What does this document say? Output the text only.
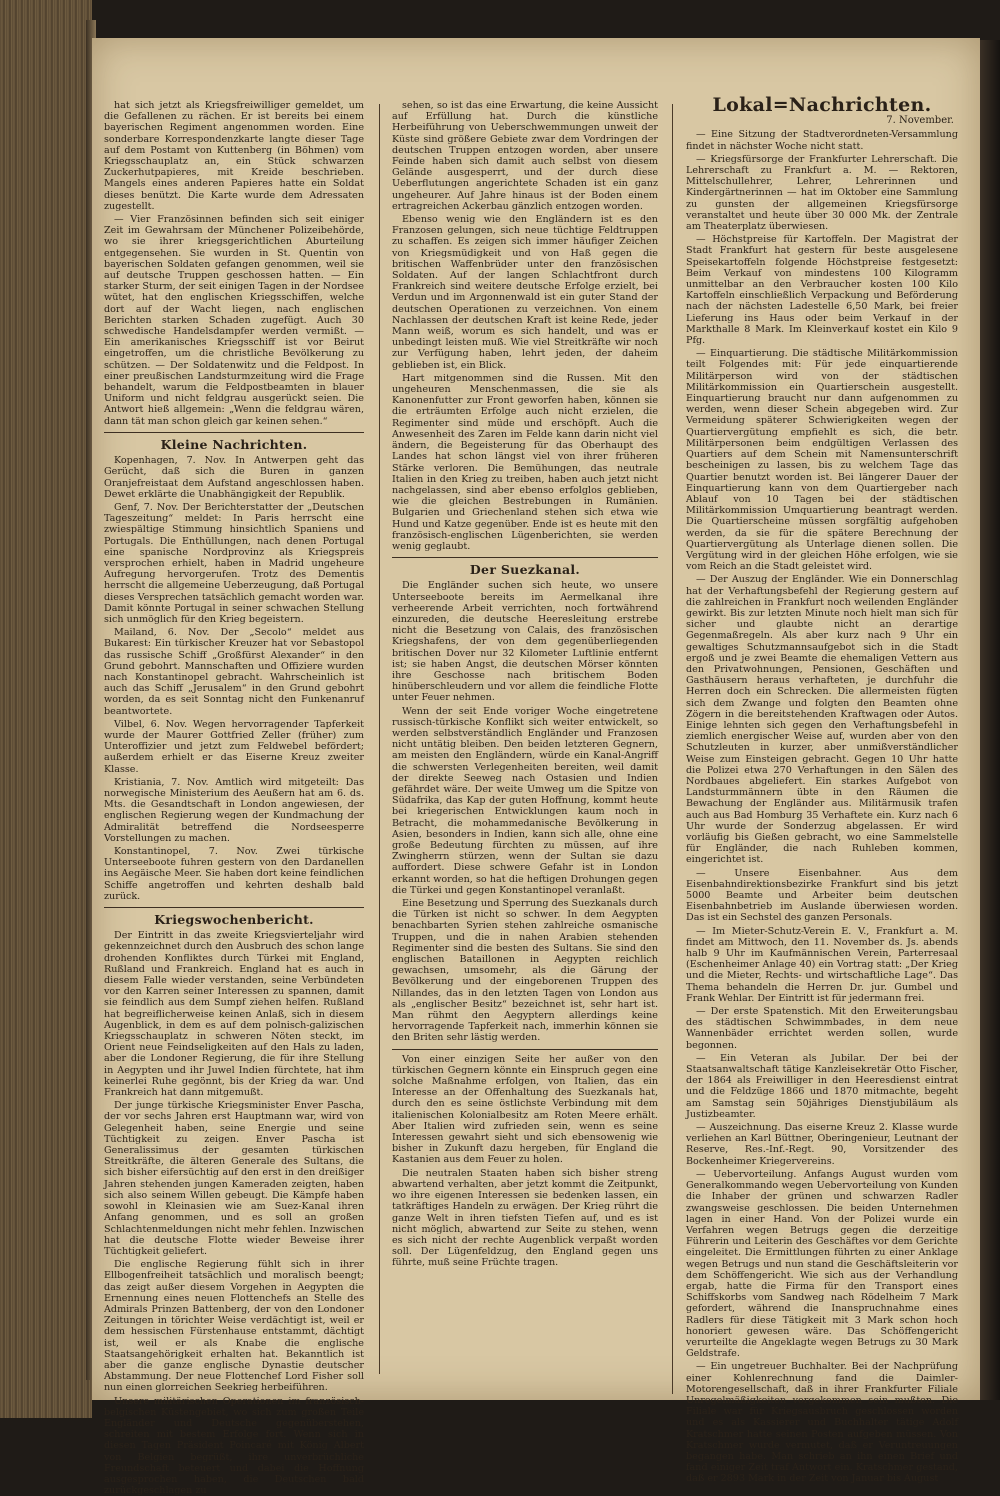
hat sich jetzt als Kriegsfreiwilliger gemeldet, um die Gefallenen zu rächen. Er ist bereits bei einem bayerischen Regiment angenommen worden. Eine sonderbare Korrespondenzkarte langte dieser Tage auf dem Postamt von Kuttenberg (in Böhmen) vom Kriegsschauplatz an, ein Stück schwarzen Zuckerhutpapieres, mit Kreide beschrieben. Mangels eines anderen Papieres hatte ein Soldat dieses benützt. Die Karte wurde dem Adressaten zugestellt.

— Vier Französinnen befinden sich seit einiger Zeit im Gewahrsam der Münchener Polizeibehörde, wo sie ihrer kriegsgerichtlichen Aburteilung entgegensehen. Sie wurden in St. Quentin von bayerischen Soldaten gefangen genommen, weil sie auf deutsche Truppen geschossen hatten. — Ein starker Sturm, der seit einigen Tagen in der Nordsee wütet, hat den englischen Kriegsschiffen, welche dort auf der Wacht liegen, nach englischen Berichten starken Schaden zugefügt. Auch 30 schwedische Handelsdampfer werden vermißt. — Ein amerikanisches Kriegsschiff ist vor Beirut eingetroffen, um die christliche Bevölkerung zu schützen. — Der Soldatenwitz und die Feldpost. In einer preußischen Landsturmzeitung wird die Frage behandelt, warum die Feldpostbeamten in blauer Uniform und nicht feldgrau ausgerückt seien. Die Antwort hieß allgemein: „Wenn die feldgrau wären, dann tät man schon gleich gar keinen sehen.“

Kleine Nachrichten.

Kopenhagen, 7. Nov. In Antwerpen geht das Gerücht, daß sich die Buren in ganzen Oranjefreistaat dem Aufstand angeschlossen haben. Dewet erklärte die Unabhängigkeit der Republik.

Genf, 7. Nov. Der Berichterstatter der „Deutschen Tageszeitung“ meldet: In Paris herrscht eine zwiespältige Stimmung hinsichtlich Spaniens und Portugals. Die Enthüllungen, nach denen Portugal eine spanische Nordprovinz als Kriegspreis versprochen erhielt, haben in Madrid ungeheure Aufregung hervorgerufen. Trotz des Dementis herrscht die allgemeine Ueberzeugung, daß Portugal dieses Versprechen tatsächlich gemacht worden war. Damit könnte Portugal in seiner schwachen Stellung sich unmöglich für den Krieg begeistern.

Mailand, 6. Nov. Der „Secolo“ meldet aus Bukarest: Ein türkischer Kreuzer hat vor Sebastopol das russische Schiff „Großfürst Alexander“ in den Grund gebohrt. Mannschaften und Offiziere wurden nach Konstantinopel gebracht. Wahrscheinlich ist auch das Schiff „Jerusalem“ in den Grund gebohrt worden, da es seit Sonntag nicht den Funkenanruf beantwortete.

Vilbel, 6. Nov. Wegen hervorragender Tapferkeit wurde der Maurer Gottfried Zeller (früher) zum Unteroffizier und jetzt zum Feldwebel befördert; außerdem erhielt er das Eiserne Kreuz zweiter Klasse.

Kristiania, 7. Nov. Amtlich wird mitgeteilt: Das norwegische Ministerium des Aeußern hat am 6. ds. Mts. die Gesandtschaft in London angewiesen, der englischen Regierung wegen der Kundmachung der Admiralität betreffend die Nordseesperre Vorstellungen zu machen.

Konstantinopel, 7. Nov. Zwei türkische Unterseeboote fuhren gestern von den Dardanellen ins Aegäische Meer. Sie haben dort keine feindlichen Schiffe angetroffen und kehrten deshalb bald zurück.

Kriegswochenbericht.

Der Eintritt in das zweite Kriegsvierteljahr wird gekennzeichnet durch den Ausbruch des schon lange drohenden Konfliktes durch Türkei mit England, Rußland und Frankreich. England hat es auch in diesem Falle wieder verstanden, seine Verbündeten vor den Karren seiner Interessen zu spannen, damit sie feindlich aus dem Sumpf ziehen helfen. Rußland hat begreiflicherweise keinen Anlaß, sich in diesem Augenblick, in dem es auf dem polnisch-galizischen Kriegsschauplatz in schweren Nöten steckt, im Orient neue Feindseligkeiten auf den Hals zu laden, aber die Londoner Regierung, die für ihre Stellung in Aegypten und ihr Juwel Indien fürchtete, hat ihm keinerlei Ruhe gegönnt, bis der Krieg da war. Und Frankreich hat dann mitgemußt.

Der junge türkische Kriegsminister Enver Pascha, der vor sechs Jahren erst Hauptmann war, wird von Gelegenheit haben, seine Energie und seine Tüchtigkeit zu zeigen. Enver Pascha ist Generalissimus der gesamten türkischen Streitkräfte, die älteren Generale des Sultans, die sich bisher eifersüchtig auf den erst in den dreißiger Jahren stehenden jungen Kameraden zeigten, haben sich also seinem Willen gebeugt. Die Kämpfe haben sowohl in Kleinasien wie am Suez-Kanal ihren Anfang genommen, und es soll an großen Schlachtenmeldungen nicht mehr fehlen. Inzwischen hat die deutsche Flotte wieder Beweise ihrer Tüchtigkeit geliefert.

Die englische Regierung fühlt sich in ihrer Ellbogenfreiheit tatsächlich und moralisch beengt; das zeigt außer diesem Vorgehen in Aegypten die Ernennung eines neuen Flottenchefs an Stelle des Admirals Prinzen Battenberg, der von den Londoner Zeitungen in törichter Weise verdächtigt ist, weil er dem hessischen Fürstenhause entstammt, dächtigt ist, weil er als Knabe die englische Staatsangehörigkeit erhalten hat. Bekanntlich ist aber die ganze englische Dynastie deutscher Abstammung. Der neue Flottenchef Lord Fisher soll nun einen glorreichen Seekrieg herbeiführen.

Unsere militärischen Operationen im französisch-belgischen Küstengebiet, wo sich zum großen Teile Engländer und Deutsche gegenüberstehen, schreiten mit bestem Erfolge fort. Wenn sich in diesen Tagen Präsident Poincaré mit König Albert von Belgien begrüßt, ihre unverbrüchliche Freundschaft beteuert und dabei die Hoffnung ausgesprochen haben, die Deutschen bald zurückgeschlagen zu

sehen, so ist das eine Erwartung, die keine Aussicht auf Erfüllung hat. Durch die künstliche Herbeiführung von Ueberschwemmungen unweit der Küste sind größere Gebiete zwar dem Vordringen der deutschen Truppen entzogen worden, aber unsere Feinde haben sich damit auch selbst von diesem Gelände ausgesperrt, und der durch diese Ueberflutungen angerichtete Schaden ist ein ganz ungeheurer. Auf Jahre hinaus ist der Boden einem ertragreichen Ackerbau gänzlich entzogen worden.

Ebenso wenig wie den Engländern ist es den Franzosen gelungen, sich neue tüchtige Feldtruppen zu schaffen. Es zeigen sich immer häufiger Zeichen von Kriegsmüdigkeit und von Haß gegen die britischen Waffenbrüder unter den französischen Soldaten. Auf der langen Schlachtfront durch Frankreich sind weitere deutsche Erfolge erzielt, bei Verdun und im Argonnenwald ist ein guter Stand der deutschen Operationen zu verzeichnen. Von einem Nachlassen der deutschen Kraft ist keine Rede, jeder Mann weiß, worum es sich handelt, und was er unbedingt leisten muß. Wie viel Streitkräfte wir noch zur Verfügung haben, lehrt jeden, der daheim geblieben ist, ein Blick.

Hart mitgenommen sind die Russen. Mit den ungeheuren Menschenmassen, die sie als Kanonenfutter zur Front geworfen haben, können sie die erträumten Erfolge auch nicht erzielen, die Regimenter sind müde und erschöpft. Auch die Anwesenheit des Zaren im Felde kann darin nicht viel ändern, die Begeisterung für das Oberhaupt des Landes hat schon längst viel von ihrer früheren Stärke verloren. Die Bemühungen, das neutrale Italien in den Krieg zu treiben, haben auch jetzt nicht nachgelassen, sind aber ebenso erfolglos geblieben, wie die gleichen Bestrebungen in Rumänien. Bulgarien und Griechenland stehen sich etwa wie Hund und Katze gegenüber. Ende ist es heute mit den französisch-englischen Lügenberichten, sie werden wenig geglaubt.

Der Suezkanal.

Die Engländer suchen sich heute, wo unsere Unterseeboote bereits im Aermelkanal ihre verheerende Arbeit verrichten, noch fortwährend einzureden, die deutsche Heeresleitung erstrebe nicht die Besetzung von Calais, des französischen Kriegshafens, der von dem gegenüberliegenden britischen Dover nur 32 Kilometer Luftlinie entfernt ist; sie haben Angst, die deutschen Mörser könnten ihre Geschosse nach britischem Boden hinüberschleudern und vor allem die feindliche Flotte unter Feuer nehmen.

Wenn der seit Ende voriger Woche eingetretene russisch-türkische Konflikt sich weiter entwickelt, so werden selbstverständlich Engländer und Franzosen nicht untätig bleiben. Den beiden letzteren Gegnern, am meisten den Engländern, würde ein Kanal-Angriff die schwersten Verlegenheiten bereiten, weil damit der direkte Seeweg nach Ostasien und Indien gefährdet wäre. Der weite Umweg um die Spitze von Südafrika, das Kap der guten Hoffnung, kommt heute bei kriegerischen Entwicklungen kaum noch in Betracht, die mohammedanische Bevölkerung in Asien, besonders in Indien, kann sich alle, ohne eine große Bedeutung fürchten zu müssen, auf ihre Zwingherrn stürzen, wenn der Sultan sie dazu auffordert. Diese schwere Gefahr ist in London erkannt worden, so hat die heftigen Drohungen gegen die Türkei und gegen Konstantinopel veranlaßt.

Eine Besetzung und Sperrung des Suezkanals durch die Türken ist nicht so schwer. In dem Aegypten benachbarten Syrien stehen zahlreiche osmanische Truppen, und die in nahen Arabien stehenden Regimenter sind die besten des Sultans. Sie sind den englischen Bataillonen in Aegypten reichlich gewachsen, umsomehr, als die Gärung der Bevölkerung und der eingeborenen Truppen des Nillandes, das in den letzten Tagen von London aus als „englischer Besitz“ bezeichnet ist, sehr hart ist. Man rühmt den Aegyptern allerdings keine hervorragende Tapferkeit nach, immerhin können sie den Briten sehr lästig werden.

Von einer einzigen Seite her außer von den türkischen Gegnern könnte ein Einspruch gegen eine solche Maßnahme erfolgen, von Italien, das ein Interesse an der Offenhaltung des Suezkanals hat, durch den es seine östlichste Verbindung mit dem italienischen Kolonialbesitz am Roten Meere erhält. Aber Italien wird zufrieden sein, wenn es seine Interessen gewahrt sieht und sich ebensowenig wie bisher in Zukunft dazu hergeben, für England die Kastanien aus dem Feuer zu holen.

Die neutralen Staaten haben sich bisher streng abwartend verhalten, aber jetzt kommt die Zeitpunkt, wo ihre eigenen Interessen sie bedenken lassen, ein tatkräftiges Handeln zu erwägen. Der Krieg rührt die ganze Welt in ihren tiefsten Tiefen auf, und es ist nicht möglich, abwartend zur Seite zu stehen, wenn es sich nicht der rechte Augenblick verpaßt worden soll. Der Lügenfeldzug, den England gegen uns führte, muß seine Früchte tragen.

Lokal=Nachrichten.
7. November.

— Eine Sitzung der Stadtverordneten-Versammlung findet in nächster Woche nicht statt.

— Kriegsfürsorge der Frankfurter Lehrerschaft. Die Lehrerschaft zu Frankfurt a. M. — Rektoren, Mittelschullehrer, Lehrer, Lehrerinnen und Kindergärtnerinnen — hat im Oktober eine Sammlung zu gunsten der allgemeinen Kriegsfürsorge veranstaltet und heute über 30 000 Mk. der Zentrale am Theaterplatz überwiesen.

— Höchstpreise für Kartoffeln. Der Magistrat der Stadt Frankfurt hat gestern für beste ausgelesene Speisekartoffeln folgende Höchstpreise festgesetzt: Beim Verkauf von mindestens 100 Kilogramm unmittelbar an den Verbraucher kosten 100 Kilo Kartoffeln einschließlich Verpackung und Beförderung nach der nächsten Ladestelle 6,50 Mark, bei freier Lieferung ins Haus oder beim Verkauf in der Markthalle 8 Mark. Im Kleinverkauf kostet ein Kilo 9 Pfg.

— Einquartierung. Die städtische Militärkommission teilt Folgendes mit: Für jede einquartierende Militärperson wird von der städtischen Militärkommission ein Quartierschein ausgestellt. Einquartierung braucht nur dann aufgenommen zu werden, wenn dieser Schein abgegeben wird. Zur Vermeidung späterer Schwierigkeiten wegen der Quartiervergütung empfiehlt es sich, die betr. Militärpersonen beim endgültigen Verlassen des Quartiers auf dem Schein mit Namensunterschrift bescheinigen zu lassen, bis zu welchem Tage das Quartier benutzt worden ist. Bei längerer Dauer der Einquartierung kann von dem Quartiergeber nach Ablauf von 10 Tagen bei der städtischen Militärkommission Umquartierung beantragt werden. Die Quartierscheine müssen sorgfältig aufgehoben werden, da sie für die spätere Berechnung der Quartiervergütung als Unterlage dienen sollen. Die Vergütung wird in der gleichen Höhe erfolgen, wie sie vom Reich an die Stadt geleistet wird.

— Der Auszug der Engländer. Wie ein Donnerschlag hat der Verhaftungsbefehl der Regierung gestern auf die zahlreichen in Frankfurt noch weilenden Engländer gewirkt. Bis zur letzten Minute noch hielt man sich für sicher und glaubte nicht an derartige Gegenmaßregeln. Als aber kurz nach 9 Uhr ein gewaltiges Schutzmannsaufgebot sich in die Stadt ergoß und je zwei Beamte die ehemaligen Vettern aus den Privatwohnungen, Pensionen, Geschäften und Gasthäusern heraus verhafteten, je durchfuhr die Herren doch ein Schrecken. Die allermeisten fügten sich dem Zwange und folgten den Beamten ohne Zögern in die bereitstehenden Kraftwagen oder Autos. Einige lehnten sich gegen den Verhaftungsbefehl in ziemlich energischer Weise auf, wurden aber von den Schutzleuten in kurzer, aber unmißverständlicher Weise zum Einsteigen gebracht. Gegen 10 Uhr hatte die Polizei etwa 270 Verhaftungen in den Sälen des Nordbaues abgeliefert. Ein starkes Aufgebot von Landsturmmännern übte in den Räumen die Bewachung der Engländer aus. Militärmusik trafen auch aus Bad Homburg 35 Verhaftete ein. Kurz nach 6 Uhr wurde der Sonderzug abgelassen. Er wird vorläufig bis Gießen gebracht, wo eine Sammelstelle für Engländer, die nach Ruhleben kommen, eingerichtet ist.

— Unsere Eisenbahner. Aus dem Eisenbahndirektionsbezirke Frankfurt sind bis jetzt 5000 Beamte und Arbeiter beim deutschen Eisenbahnbetrieb im Auslande überwiesen worden. Das ist ein Sechstel des ganzen Personals.

— Im Mieter-Schutz-Verein E. V., Frankfurt a. M. findet am Mittwoch, den 11. November ds. Js. abends halb 9 Uhr im Kaufmännischen Verein, Parterresaal (Eschenheimer Anlage 40) ein Vortrag statt: „Der Krieg und die Mieter, Rechts- und wirtschaftliche Lage“. Das Thema behandeln die Herren Dr. jur. Gumbel und Frank Wehlar. Der Eintritt ist für jedermann frei.

— Der erste Spatenstich. Mit den Erweiterungsbau des städtischen Schwimmbades, in dem neue Wannenbäder errichtet werden sollen, wurde begonnen.

— Ein Veteran als Jubilar. Der bei der Staatsanwaltschaft tätige Kanzleisekretär Otto Fischer, der 1864 als Freiwilliger in den Heeresdienst eintrat und die Feldzüge 1866 und 1870 mitmachte, begeht am Samstag sein 50jähriges Dienstjubiläum als Justizbeamter.

— Auszeichnung. Das eiserne Kreuz 2. Klasse wurde verliehen an Karl Büttner, Oberingenieur, Leutnant der Reserve, Res.-Inf.-Regt. 90, Vorsitzender des Bockenheimer Kriegervereins.

— Uebervorteilung. Anfangs August wurden vom Generalkommando wegen Uebervorteilung von Kunden die Inhaber der grünen und schwarzen Radler zwangsweise geschlossen. Die beiden Unternehmen lagen in einer Hand. Von der Polizei wurde ein Verfahren wegen Betrugs gegen die derzeitige Führerin und Leiterin des Geschäftes vor dem Gerichte eingeleitet. Die Ermittlungen führten zu einer Anklage wegen Betrugs und nun stand die Geschäftsleiterin vor dem Schöffengericht. Wie sich aus der Verhandlung ergab, hatte die Firma für den Transport eines Schiffskorbs vom Sandweg nach Rödelheim 7 Mark gefordert, während die Inanspruchnahme eines Radlers für diese Tätigkeit mit 3 Mark schon hoch honoriert gewesen wäre. Das Schöffengericht verurteilte die Angeklagte wegen Betrugs zu 30 Mark Geldstrafe.

— Ein ungetreuer Buchhalter. Bei der Nachprüfung einer Kohlenrechnung fand die Daimler-Motorengesellschaft, daß in ihrer Frankfurter Filiale Unregelmäßigkeiten vorgekommen sein mußten. Die Filiale war für Kriegsausbruch geschlossen worden und es als Kassierer und Buchhalter tätige Adolf Kratschmer hatte seinen Posten aufgeben müssen. Von Kratschmer wurde vermutet, daß er Veruntreuungen begangen habe. Man schrieb an ihn einen Brief und fand einiger Zeit traf Antwort ein. Kratschmer gestand, daß er 2893 Mark in der Zeit von Januar bis August
